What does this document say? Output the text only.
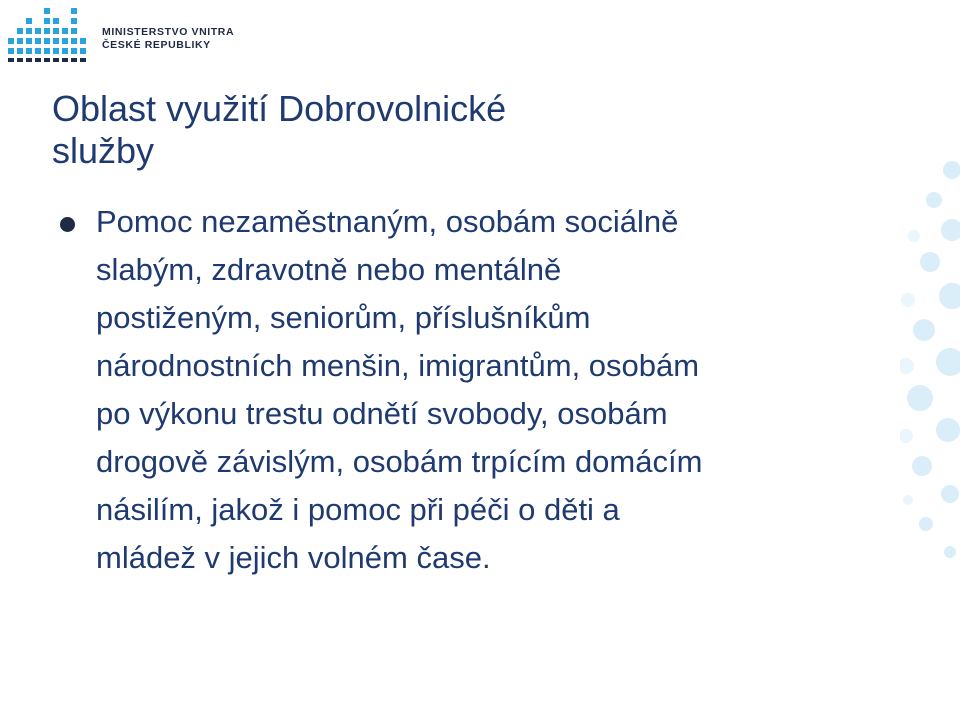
MINISTERSTVO VNITRA
ČESKÉ REPUBLIKY
Oblast využití Dobrovolnické
služby
Pomoc nezaměstnaným, osobám sociálně
slabým, zdravotně nebo mentálně
postiženým, seniorům, příslušníkům
národnostních menšin, imigrantům, osobám
po výkonu trestu odnětí svobody, osobám
drogově závislým, osobám trpícím domácím
násilím, jakož i pomoc při péči o děti a
mládež v jejich volném čase.
